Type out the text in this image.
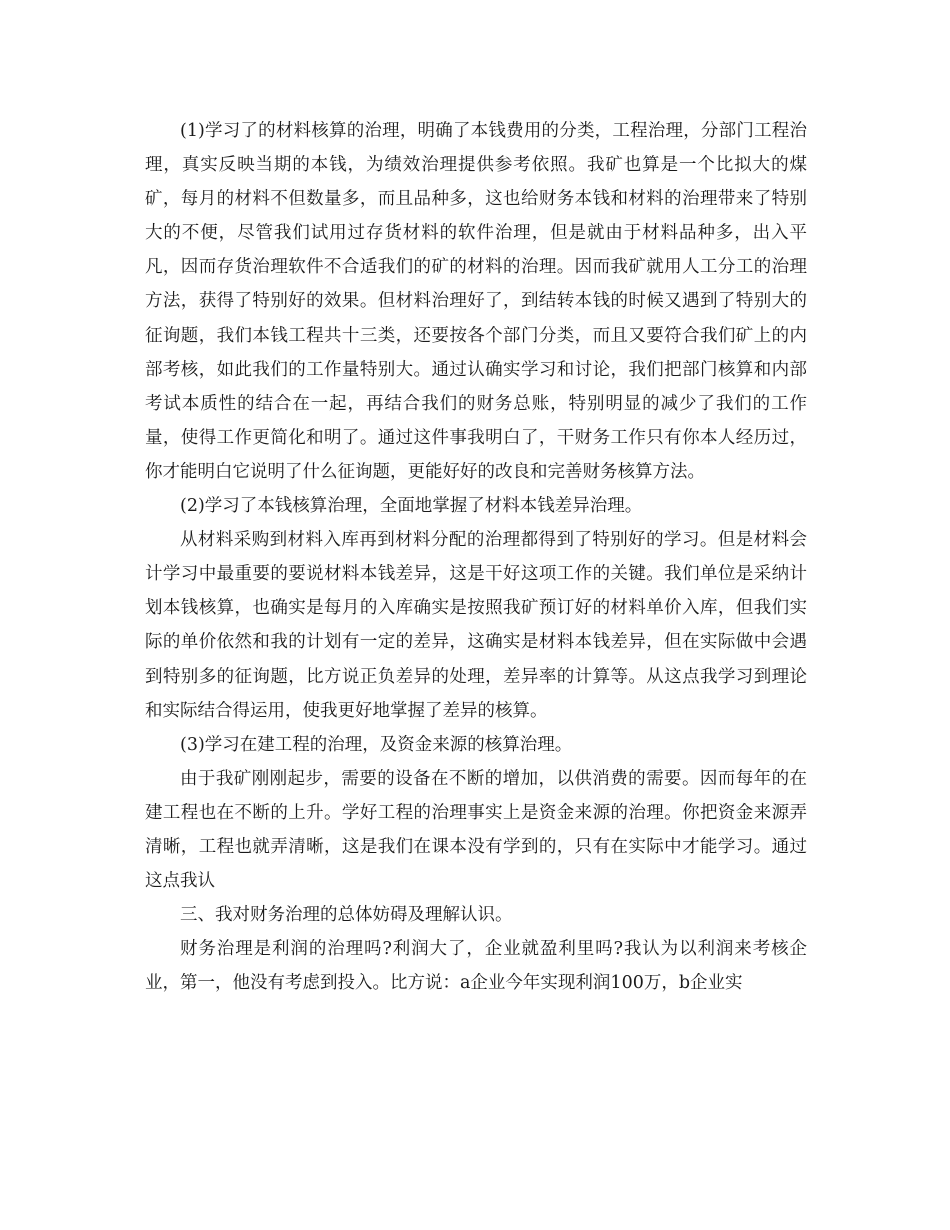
(1)学习了的材料核算的治理，明确了本钱费用的分类，工程治理，分部门工程治理，真实反映当期的本钱，为绩效治理提供参考依照。我矿也算是一个比拟大的煤矿，每月的材料不但数量多，而且品种多，这也给财务本钱和材料的治理带来了特别大的不便，尽管我们试用过存货材料的软件治理，但是就由于材料品种多，出入平凡，因而存货治理软件不合适我们的矿的材料的治理。因而我矿就用人工分工的治理方法，获得了特别好的效果。但材料治理好了，到结转本钱的时候又遇到了特别大的征询题，我们本钱工程共十三类，还要按各个部门分类，而且又要符合我们矿上的内部考核，如此我们的工作量特别大。通过认确实学习和讨论，我们把部门核算和内部考试本质性的结合在一起，再结合我们的财务总账，特别明显的减少了我们的工作量，使得工作更简化和明了。通过这件事我明白了，干财务工作只有你本人经历过，你才能明白它说明了什么征询题，更能好好的改良和完善财务核算方法。

(2)学习了本钱核算治理，全面地掌握了材料本钱差异治理。

从材料采购到材料入库再到材料分配的治理都得到了特别好的学习。但是材料会计学习中最重要的要说材料本钱差异，这是干好这项工作的关键。我们单位是采纳计划本钱核算，也确实是每月的入库确实是按照我矿预订好的材料单价入库，但我们实际的单价依然和我的计划有一定的差异，这确实是材料本钱差异，但在实际做中会遇到特别多的征询题，比方说正负差异的处理，差异率的计算等。从这点我学习到理论和实际结合得运用，使我更好地掌握了差异的核算。

(3)学习在建工程的治理，及资金来源的核算治理。

由于我矿刚刚起步，需要的设备在不断的增加，以供消费的需要。因而每年的在建工程也在不断的上升。学好工程的治理事实上是资金来源的治理。你把资金来源弄清晰，工程也就弄清晰，这是我们在课本没有学到的，只有在实际中才能学习。通过这点我认

三、我对财务治理的总体妨碍及理解认识。

财务治理是利润的治理吗?利润大了，企业就盈利里吗?我认为以利润来考核企业，第一，他没有考虑到投入。比方说：a企业今年实现利润100万，b企业实
